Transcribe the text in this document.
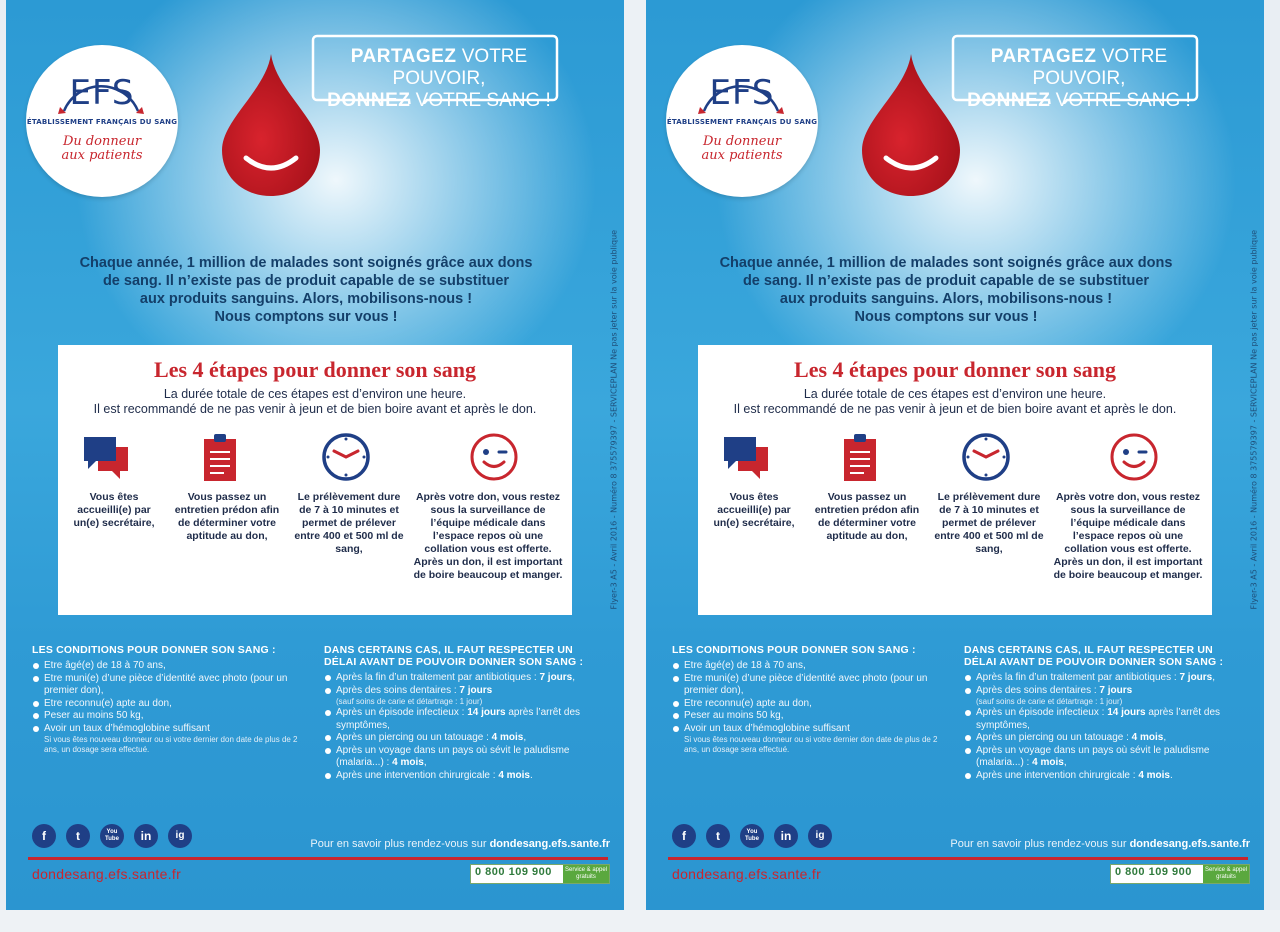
EFS
ÉTABLISSEMENT FRANÇAIS DU SANG
Du donneur
aux patients
PARTAGEZ VOTRE POUVOIR,
DONNEZ VOTRE SANG !
Flyer-3 A5 - Avril 2016 - Numéro 8 375579397 - SERVICEPLAN Ne pas jeter sur la voie publique
Chaque année, 1 million de malades sont soignés grâce aux dons
de sang. Il n’existe pas de produit capable de se substituer
aux produits sanguins. Alors, mobilisons-nous !
Nous comptons sur vous !
Les 4 étapes pour donner son sang
La durée totale de ces étapes est d’environ une heure.
Il est recommandé de ne pas venir à jeun et de bien boire avant et après le don.
Vous êtes accueilli(e) par un(e) secrétaire,
Vous passez un entretien prédon afin de déterminer votre aptitude au don,
Le prélèvement dure de 7 à 10 minutes et permet de prélever entre 400 et 500 ml de sang,
Après votre don, vous restez sous la surveillance de l’équipe médicale dans l’espace repos où une collation vous est offerte. Après un don, il est important de boire beaucoup et manger.
LES CONDITIONS POUR DONNER SON SANG :
Etre âgé(e) de 18 à 70 ans,
Etre muni(e) d’une pièce d’identité avec photo (pour un premier don),
Etre reconnu(e) apte au don,
Peser au moins 50 kg,
Avoir un taux d’hémoglobine suffisant
Si vous êtes nouveau donneur ou si votre dernier don date de plus de 2 ans, un dosage sera effectué.
DANS CERTAINS CAS, IL FAUT RESPECTER UN DÉLAI AVANT DE POUVOIR DONNER SON SANG :
Après la fin d’un traitement par antibiotiques : 7 jours,
Après des soins dentaires : 7 jours
(sauf soins de carie et détartrage : 1 jour)
Après un épisode infectieux : 14 jours après l’arrêt des symptômes,
Après un piercing ou un tatouage : 4 mois,
Après un voyage dans un pays où sévit le paludisme (malaria...) : 4 mois,
Après une intervention chirurgicale : 4 mois.
f	t	You Tube	in	ig
Pour en savoir plus rendez-vous sur dondesang.efs.sante.fr
dondesang.efs.sante.fr	0 800 109 900	Service & appel gratuits
EFS
ÉTABLISSEMENT FRANÇAIS DU SANG
Du donneur
aux patients
PARTAGEZ VOTRE POUVOIR,
DONNEZ VOTRE SANG !
Flyer-3 A5 - Avril 2016 - Numéro 8 375579397 - SERVICEPLAN Ne pas jeter sur la voie publique
Chaque année, 1 million de malades sont soignés grâce aux dons
de sang. Il n’existe pas de produit capable de se substituer
aux produits sanguins. Alors, mobilisons-nous !
Nous comptons sur vous !
Les 4 étapes pour donner son sang
La durée totale de ces étapes est d’environ une heure.
Il est recommandé de ne pas venir à jeun et de bien boire avant et après le don.
Vous êtes accueilli(e) par un(e) secrétaire,
Vous passez un entretien prédon afin de déterminer votre aptitude au don,
Le prélèvement dure de 7 à 10 minutes et permet de prélever entre 400 et 500 ml de sang,
Après votre don, vous restez sous la surveillance de l’équipe médicale dans l’espace repos où une collation vous est offerte. Après un don, il est important de boire beaucoup et manger.
LES CONDITIONS POUR DONNER SON SANG :
Etre âgé(e) de 18 à 70 ans,
Etre muni(e) d’une pièce d’identité avec photo (pour un premier don),
Etre reconnu(e) apte au don,
Peser au moins 50 kg,
Avoir un taux d’hémoglobine suffisant
Si vous êtes nouveau donneur ou si votre dernier don date de plus de 2 ans, un dosage sera effectué.
DANS CERTAINS CAS, IL FAUT RESPECTER UN DÉLAI AVANT DE POUVOIR DONNER SON SANG :
Après la fin d’un traitement par antibiotiques : 7 jours,
Après des soins dentaires : 7 jours
(sauf soins de carie et détartrage : 1 jour)
Après un épisode infectieux : 14 jours après l’arrêt des symptômes,
Après un piercing ou un tatouage : 4 mois,
Après un voyage dans un pays où sévit le paludisme (malaria...) : 4 mois,
Après une intervention chirurgicale : 4 mois.
f	t	You Tube	in	ig
Pour en savoir plus rendez-vous sur dondesang.efs.sante.fr
dondesang.efs.sante.fr	0 800 109 900	Service & appel gratuits
